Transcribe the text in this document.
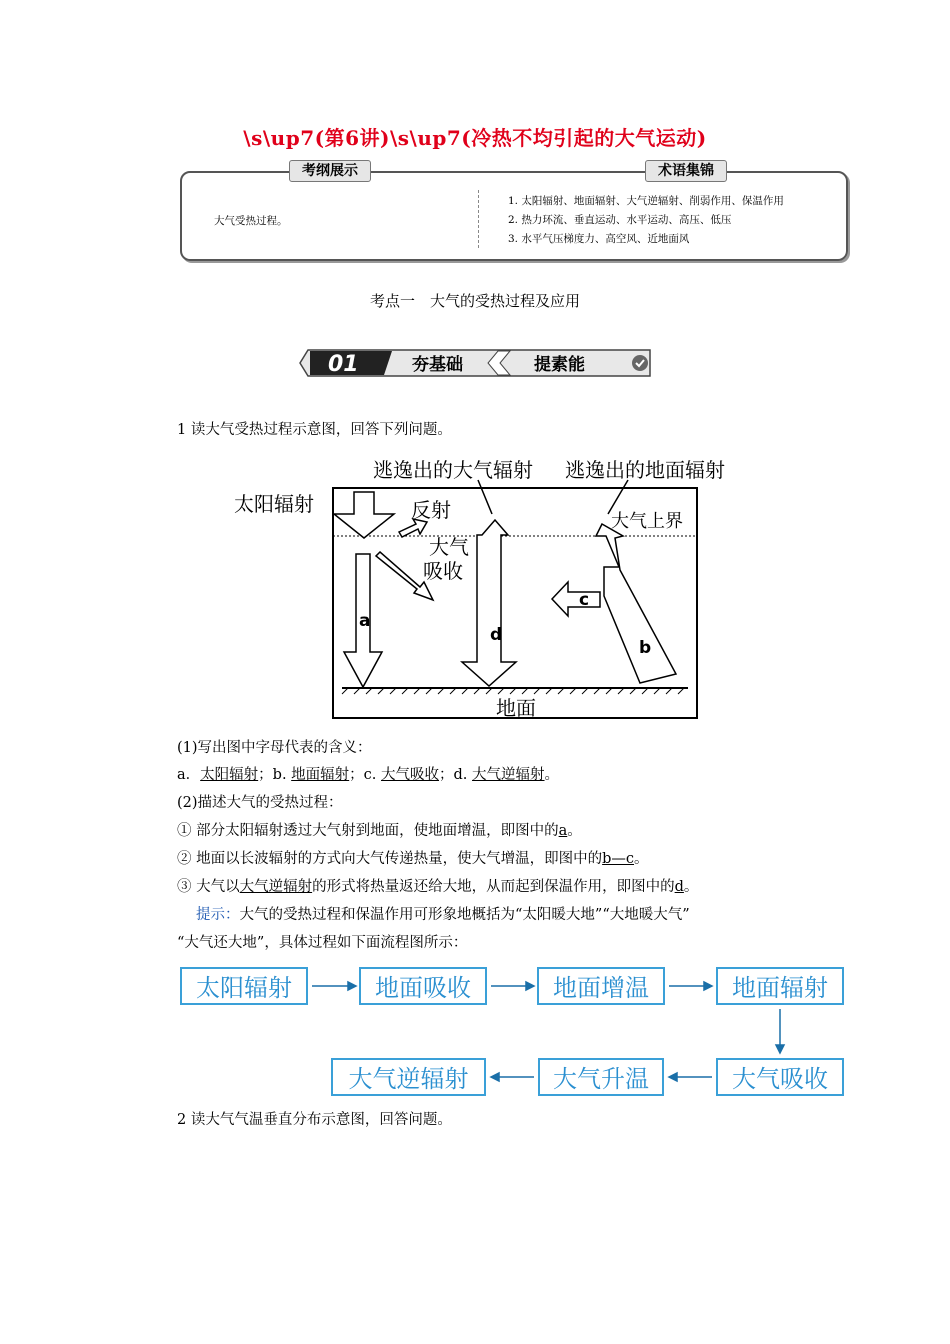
\s\up7(第6讲)\s\up7(冷热不均引起的大气运动)
考纲展示	术语集锦
大气受热过程。
1. 太阳辐射、地面辐射、大气逆辐射、削弱作用、保温作用
2. 热力环流、垂直运动、水平运动、高压、低压
3. 水平气压梯度力、高空风、近地面风
考点一　大气的受热过程及应用
01	夯基础	提素能
1 读大气受热过程示意图，回答下列问题。
逃逸出的大气辐射 逃逸出的地面辐射
太阳辐射	反射
大气
吸收
大气上界
a
d
c
b
地面
(1)写出图中字母代表的含义：
a．太阳辐射；b. 地面辐射；c. 大气吸收；d. 大气逆辐射。
(2)描述大气的受热过程：
① 部分太阳辐射透过大气射到地面，使地面增温，即图中的a。
② 地面以长波辐射的方式向大气传递热量，使大气增温，即图中的b—c。
③ 大气以大气逆辐射的形式将热量返还给大地，从而起到保温作用，即图中的d。
提示：大气的受热过程和保温作用可形象地概括为“太阳暖大地”“大地暖大气”
“大气还大地”，具体过程如下面流程图所示：
太阳辐射	地面吸收	地面增温	地面辐射
大气吸收
大气升温
大气逆辐射
2 读大气气温垂直分布示意图，回答问题。
